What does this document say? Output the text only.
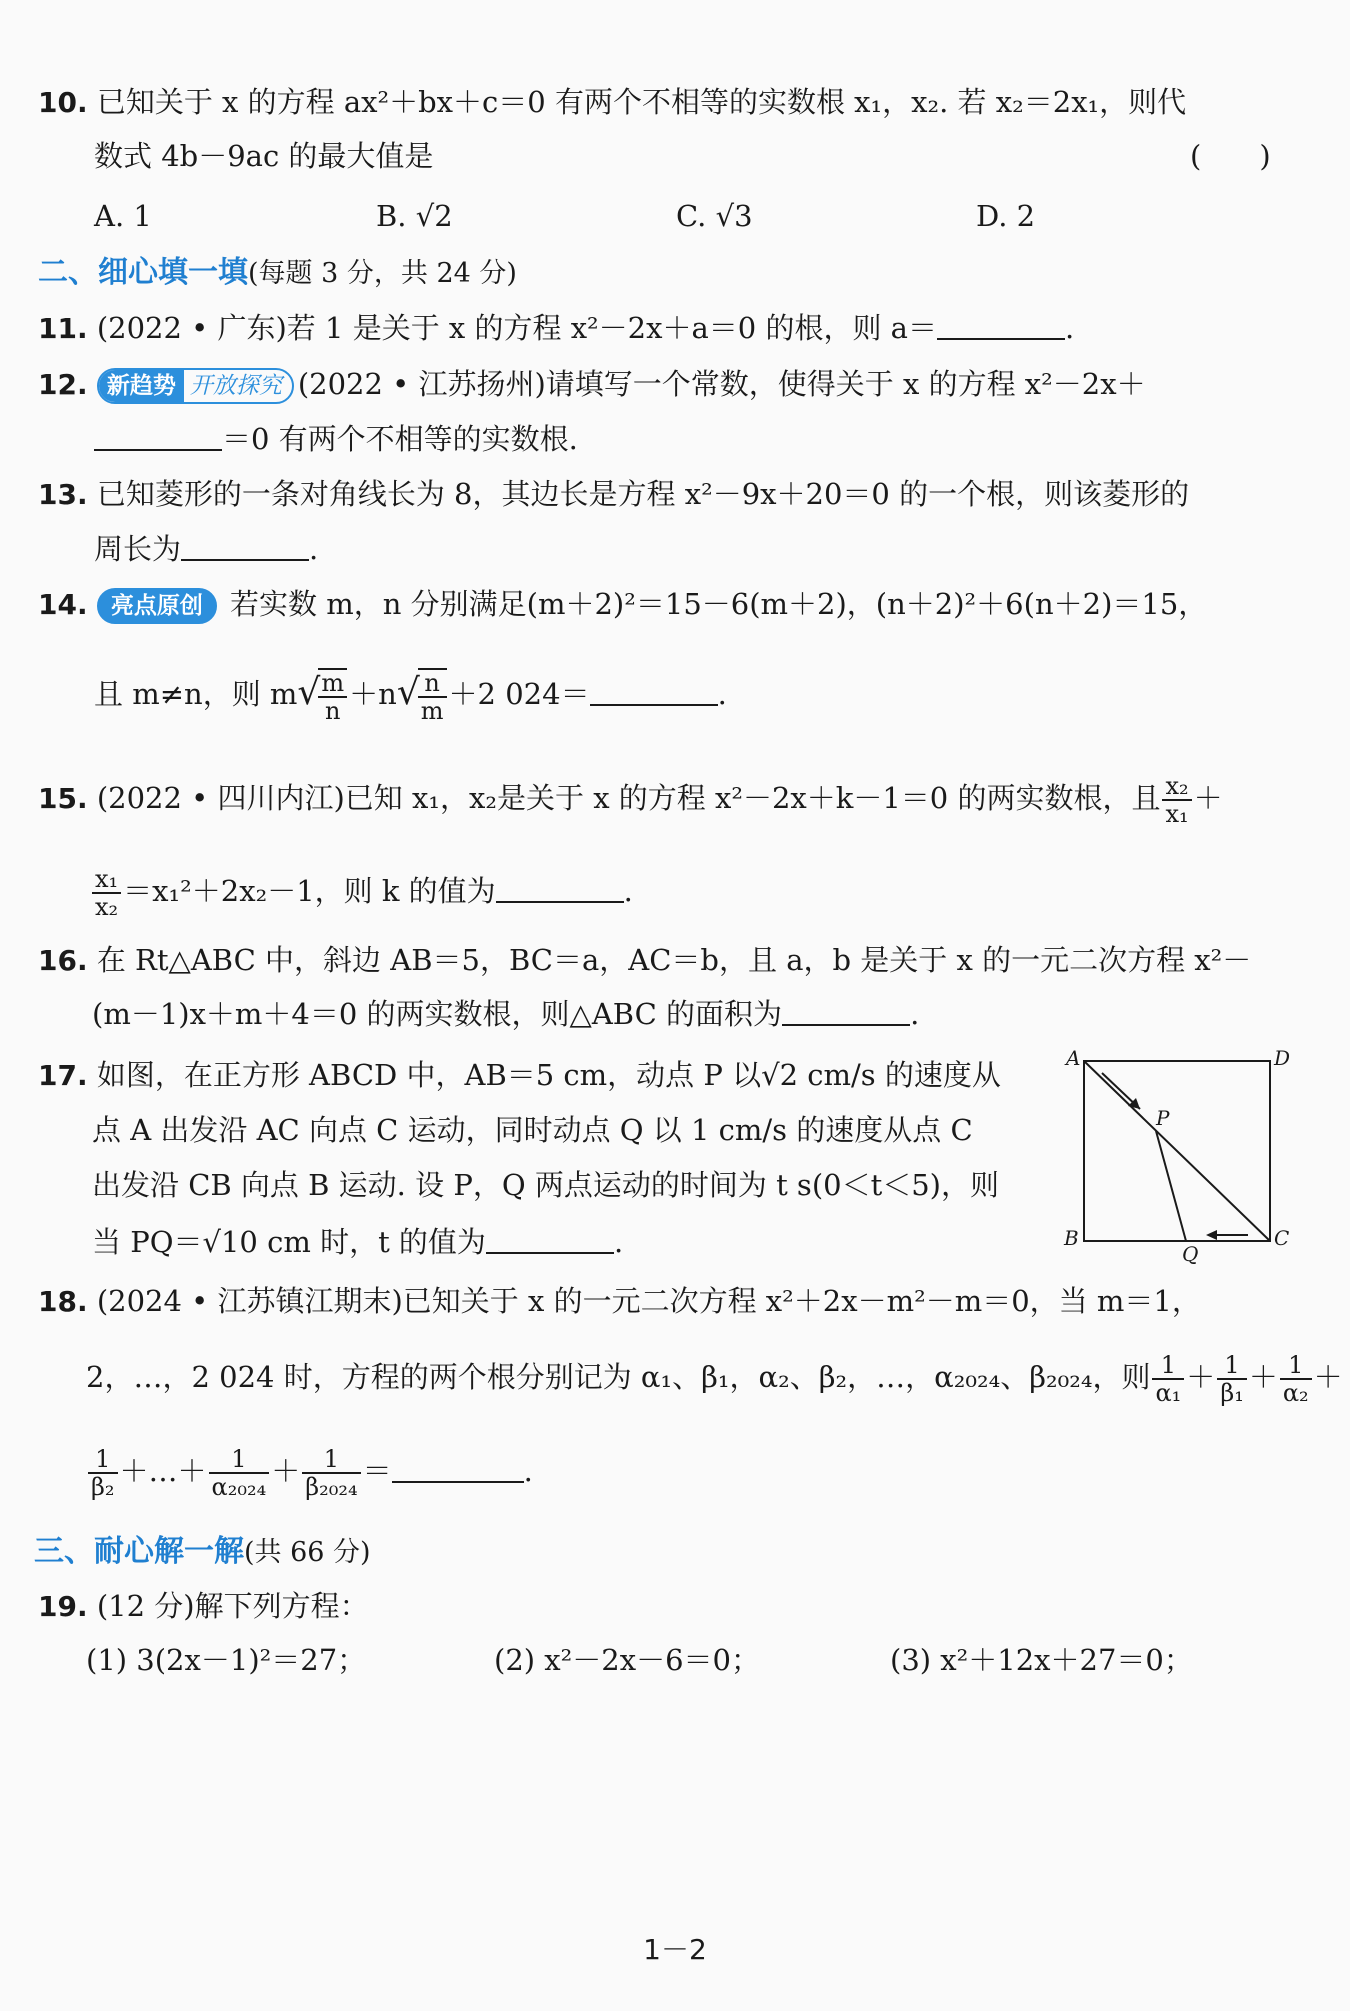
10. 已知关于 x 的方程 ax²＋bx＋c＝0 有两个不相等的实数根 x₁，x₂. 若 x₂＝2x₁，则代
数式 4b－9ac 的最大值是	(　　)
A. 1	B. √2	C. √3	D. 2
二、细心填一填(每题 3 分，共 24 分)
11. (2022 • 广东)若 1 是关于 x 的方程 x²－2x＋a＝0 的根，则 a＝	.
12. 新趋势 开放探究 (2022 • 江苏扬州)请填写一个常数，使得关于 x 的方程 x²－2x＋
＝0 有两个不相等的实数根.
13. 已知菱形的一条对角线长为 8，其边长是方程 x²－9x＋20＝0 的一个根，则该菱形的
周长为	.
14. 亮点原创 若实数 m，n 分别满足(m＋2)²＝15－6(m＋2)，(n＋2)²＋6(n＋2)＝15，
且 m≠n，则 m√
$\frac{m}{n} +n√$
$\frac{n}{m} +2$ 024＝	.
15. (2022 • 四川内江)已知 x₁，x₂是关于 x 的方程 x²－2x＋k－1＝0 的两实数根，且 $\frac{\text{x₂}}{\text{x₁}}$ ＋
$\frac{\text{x₁}}{\text{x₂}} =x_1^2+2x_2-1$，则 k 的值为	.
16. 在 Rt△ABC 中，斜边 AB＝5，BC＝a，AC＝b，且 a，b 是关于 x 的一元二次方程 x²－
(m－1)x＋m＋4＝0 的两实数根，则△ABC 的面积为	.
17. 如图，在正方形 ABCD 中，AB＝5 cm，动点 P 以√2 cm/s 的速度从
点 A 出发沿 AC 向点 C 运动，同时动点 Q 以 1 cm/s 的速度从点 C
出发沿 CB 向点 B 运动. 设 P，Q 两点运动的时间为 t s(0＜t＜5)，则
当 PQ＝√10 cm 时，t 的值为	.
A	D
B	C
P
Q
18. (2024 • 江苏镇江期末)已知关于 x 的一元二次方程 x²＋2x－m²－m＝0，当 m＝1，
2，…，2 024 时，方程的两个根分别记为 α₁、β₁，α₂、β₂，…，α₂₀₂₄、β₂₀₂₄，则 $\frac{1}{\text{α₁}} + \frac{1}{\text{β₁}} + \frac{1}{\text{α₂}}$ ＋
$\frac{1}{\text{β₂}}$ ＋…＋ $\frac{1}{\text{α₂₀₂₄}} + \frac{1}{\text{β₂₀₂₄}}$ ＝	.
三、耐心解一解(共 66 分)
19. (12 分)解下列方程：
(1) 3(2x－1)²＝27；	(2) x²－2x－6＝0；	(3) x²＋12x＋27＝0；
1－2
